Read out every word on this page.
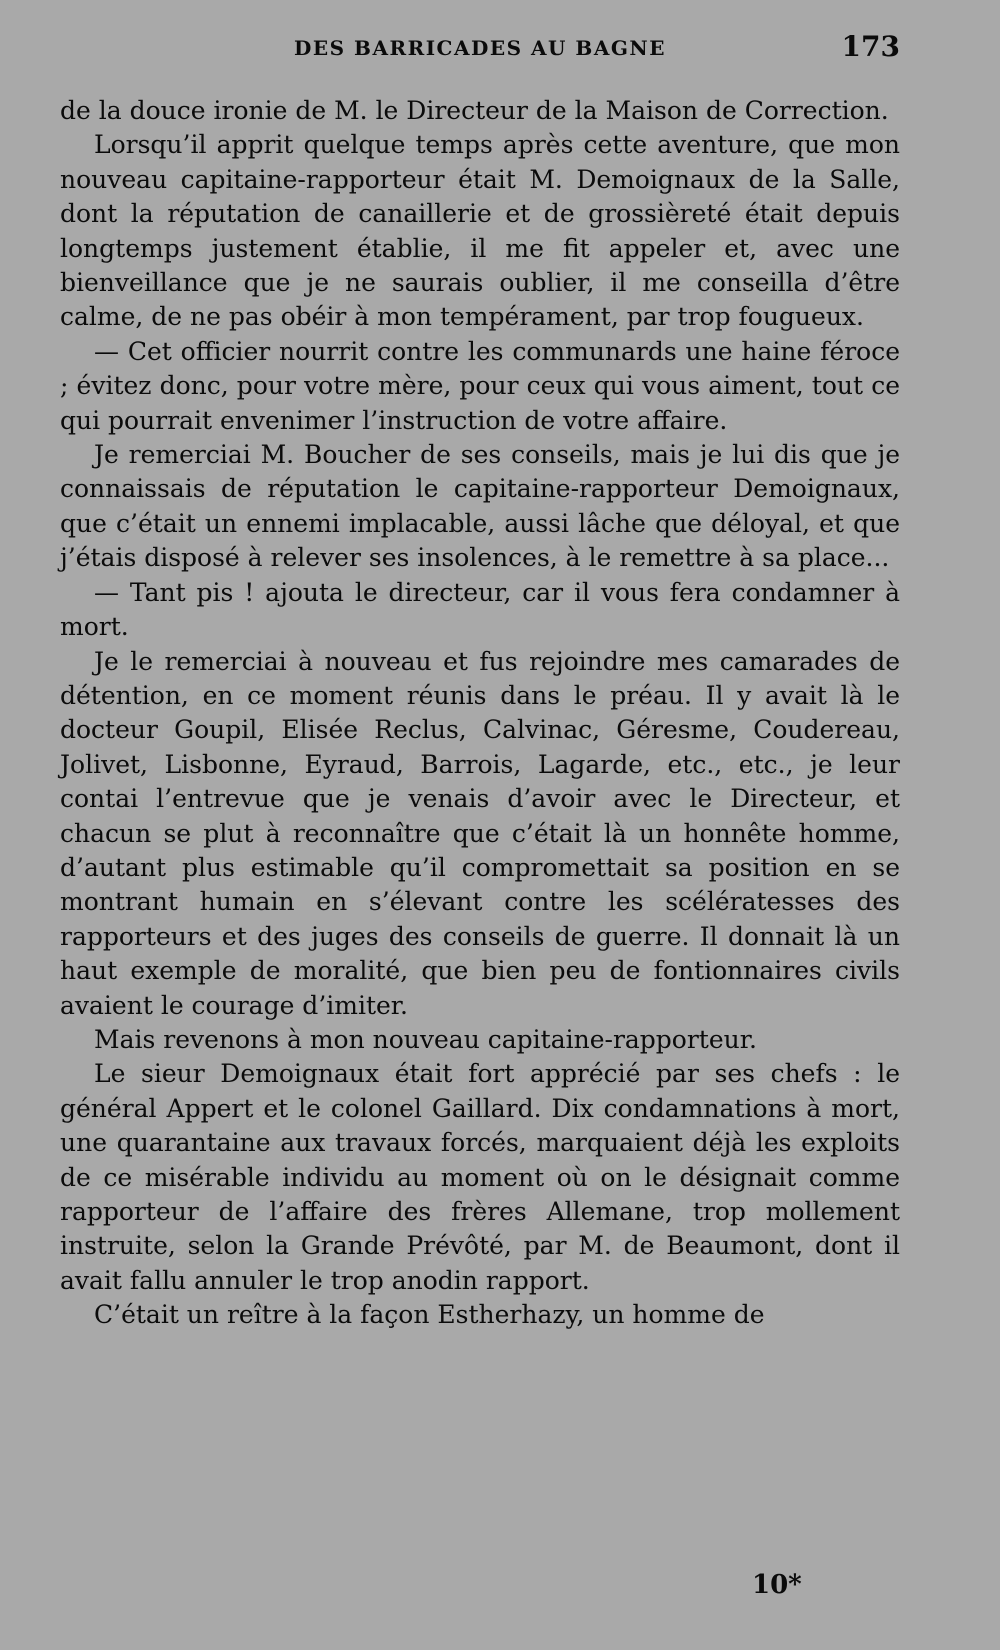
DES BARRICADES AU BAGNE	173

de la douce ironie de M. le Directeur de la Maison de Correction.

Lorsqu’il apprit quelque temps après cette aventure, que mon nouveau capitaine-rapporteur était M. Demoignaux de la Salle, dont la réputation de canaillerie et de grossièreté était depuis longtemps justement établie, il me fit appeler et, avec une bienveillance que je ne saurais oublier, il me conseilla d’être calme, de ne pas obéir à mon tempérament, par trop fougueux.

— Cet officier nourrit contre les communards une haine féroce ; évitez donc, pour votre mère, pour ceux qui vous aiment, tout ce qui pourrait envenimer l’instruction de votre affaire.

Je remerciai M. Boucher de ses conseils, mais je lui dis que je connaissais de réputation le capitaine-rapporteur Demoignaux, que c’était un ennemi implacable, aussi lâche que déloyal, et que j’étais disposé à relever ses insolences, à le remettre à sa place...

— Tant pis ! ajouta le directeur, car il vous fera condamner à mort.

Je le remerciai à nouveau et fus rejoindre mes camarades de détention, en ce moment réunis dans le préau. Il y avait là le docteur Goupil, Elisée Reclus, Calvinac, Géresme, Coudereau, Jolivet, Lisbonne, Eyraud, Barrois, Lagarde, etc., etc., je leur contai l’entrevue que je venais d’avoir avec le Directeur, et chacun se plut à reconnaître que c’était là un honnête homme, d’autant plus estimable qu’il compromettait sa position en se montrant humain en s’élevant contre les scélératesses des rapporteurs et des juges des conseils de guerre. Il donnait là un haut exemple de moralité, que bien peu de fontionnaires civils avaient le courage d’imiter.

Mais revenons à mon nouveau capitaine-rapporteur.

Le sieur Demoignaux était fort apprécié par ses chefs : le général Appert et le colonel Gaillard. Dix condamnations à mort, une quarantaine aux travaux forcés, marquaient déjà les exploits de ce misérable individu au moment où on le désignait comme rapporteur de l’affaire des frères Allemane, trop mollement instruite, selon la Grande Prévôté, par M. de Beaumont, dont il avait fallu annuler le trop anodin rapport.

C’était un reître à la façon Estherhazy, un homme de

10*
